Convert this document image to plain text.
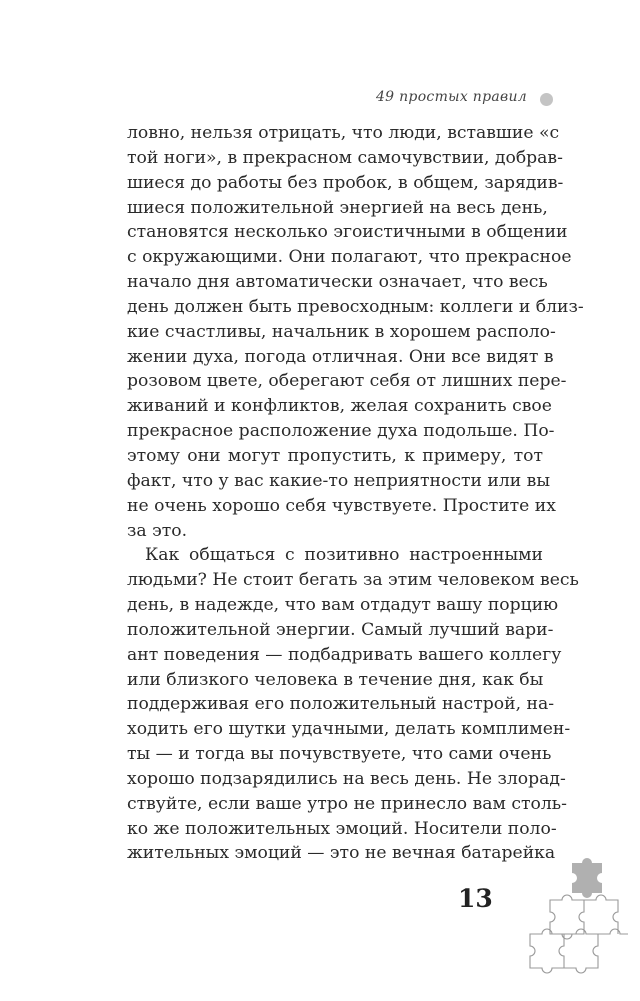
49 простых правил
ловно, нельзя отрицать, что люди, вставшие «с
той ноги», в прекрасном самочувствии, добрав-
шиеся до работы без пробок, в общем, зарядив-
шиеся положительной энергией на весь день,
становятся несколько эгоистичными в общении
с окружающими. Они полагают, что прекрасное
начало дня автоматически означает, что весь
день должен быть превосходным: коллеги и близ-
кие счастливы, начальник в хорошем располо-
жении духа, погода отличная. Они все видят в
розовом цвете, оберегают себя от лишних пере-
живаний и конфликтов, желая сохранить свое
прекрасное расположение духа подольше. По-
этому они могут пропустить, к примеру, тот
факт, что у вас какие-то неприятности или вы
не очень хорошо себя чувствуете. Простите их
за это.
Как общаться с позитивно настроенными
людьми? Не стоит бегать за этим человеком весь
день, в надежде, что вам отдадут вашу порцию
положительной энергии. Самый лучший вари-
ант поведения — подбадривать вашего коллегу
или близкого человека в течение дня, как бы
поддерживая его положительный настрой, на-
ходить его шутки удачными, делать комплимен-
ты — и тогда вы почувствуете, что сами очень
хорошо подзарядились на весь день. Не злорад-
ствуйте, если ваше утро не принесло вам столь-
ко же положительных эмоций. Носители поло-
жительных эмоций — это не вечная батарейка
13
